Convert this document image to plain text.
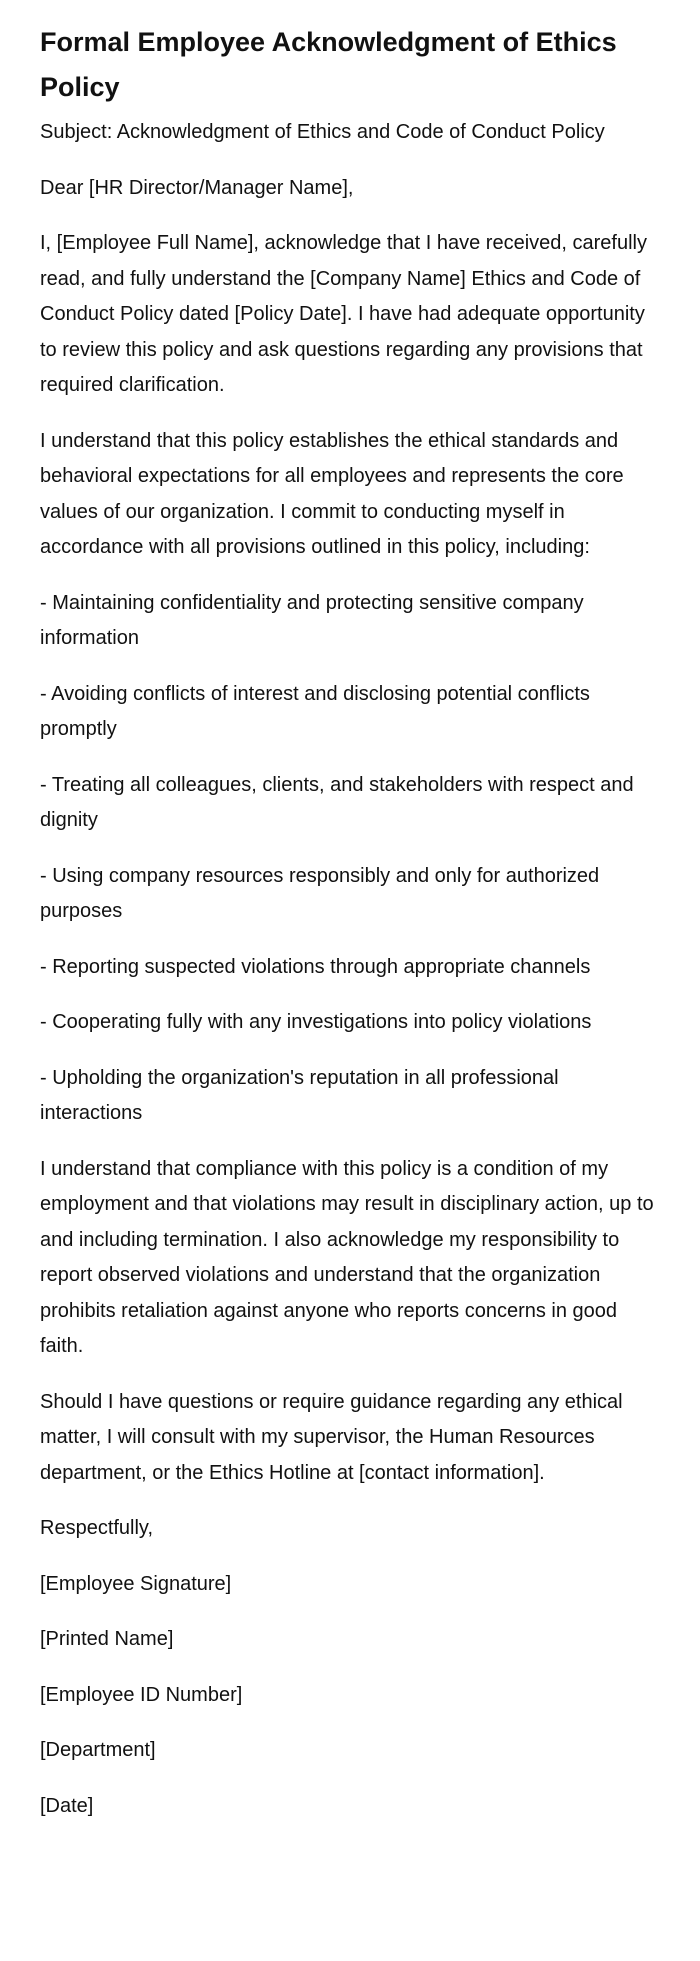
Formal Employee Acknowledgment of Ethics Policy

Subject: Acknowledgment of Ethics and Code of Conduct Policy

Dear [HR Director/Manager Name],

I, [Employee Full Name], acknowledge that I have received, carefully read, and fully understand the [Company Name] Ethics and Code of Conduct Policy dated [Policy Date]. I have had adequate opportunity to review this policy and ask questions regarding any provisions that required clarification.

I understand that this policy establishes the ethical standards and behavioral expectations for all employees and represents the core values of our organization. I commit to conducting myself in accordance with all provisions outlined in this policy, including:

- Maintaining confidentiality and protecting sensitive company information

- Avoiding conflicts of interest and disclosing potential conflicts promptly

- Treating all colleagues, clients, and stakeholders with respect and dignity

- Using company resources responsibly and only for authorized purposes

- Reporting suspected violations through appropriate channels

- Cooperating fully with any investigations into policy violations

- Upholding the organization's reputation in all professional interactions

I understand that compliance with this policy is a condition of my employment and that violations may result in disciplinary action, up to and including termination. I also acknowledge my responsibility to report observed violations and understand that the organization prohibits retaliation against anyone who reports concerns in good faith.

Should I have questions or require guidance regarding any ethical matter, I will consult with my supervisor, the Human Resources department, or the Ethics Hotline at [contact information].

Respectfully,

[Employee Signature]

[Printed Name]

[Employee ID Number]

[Department]

[Date]
